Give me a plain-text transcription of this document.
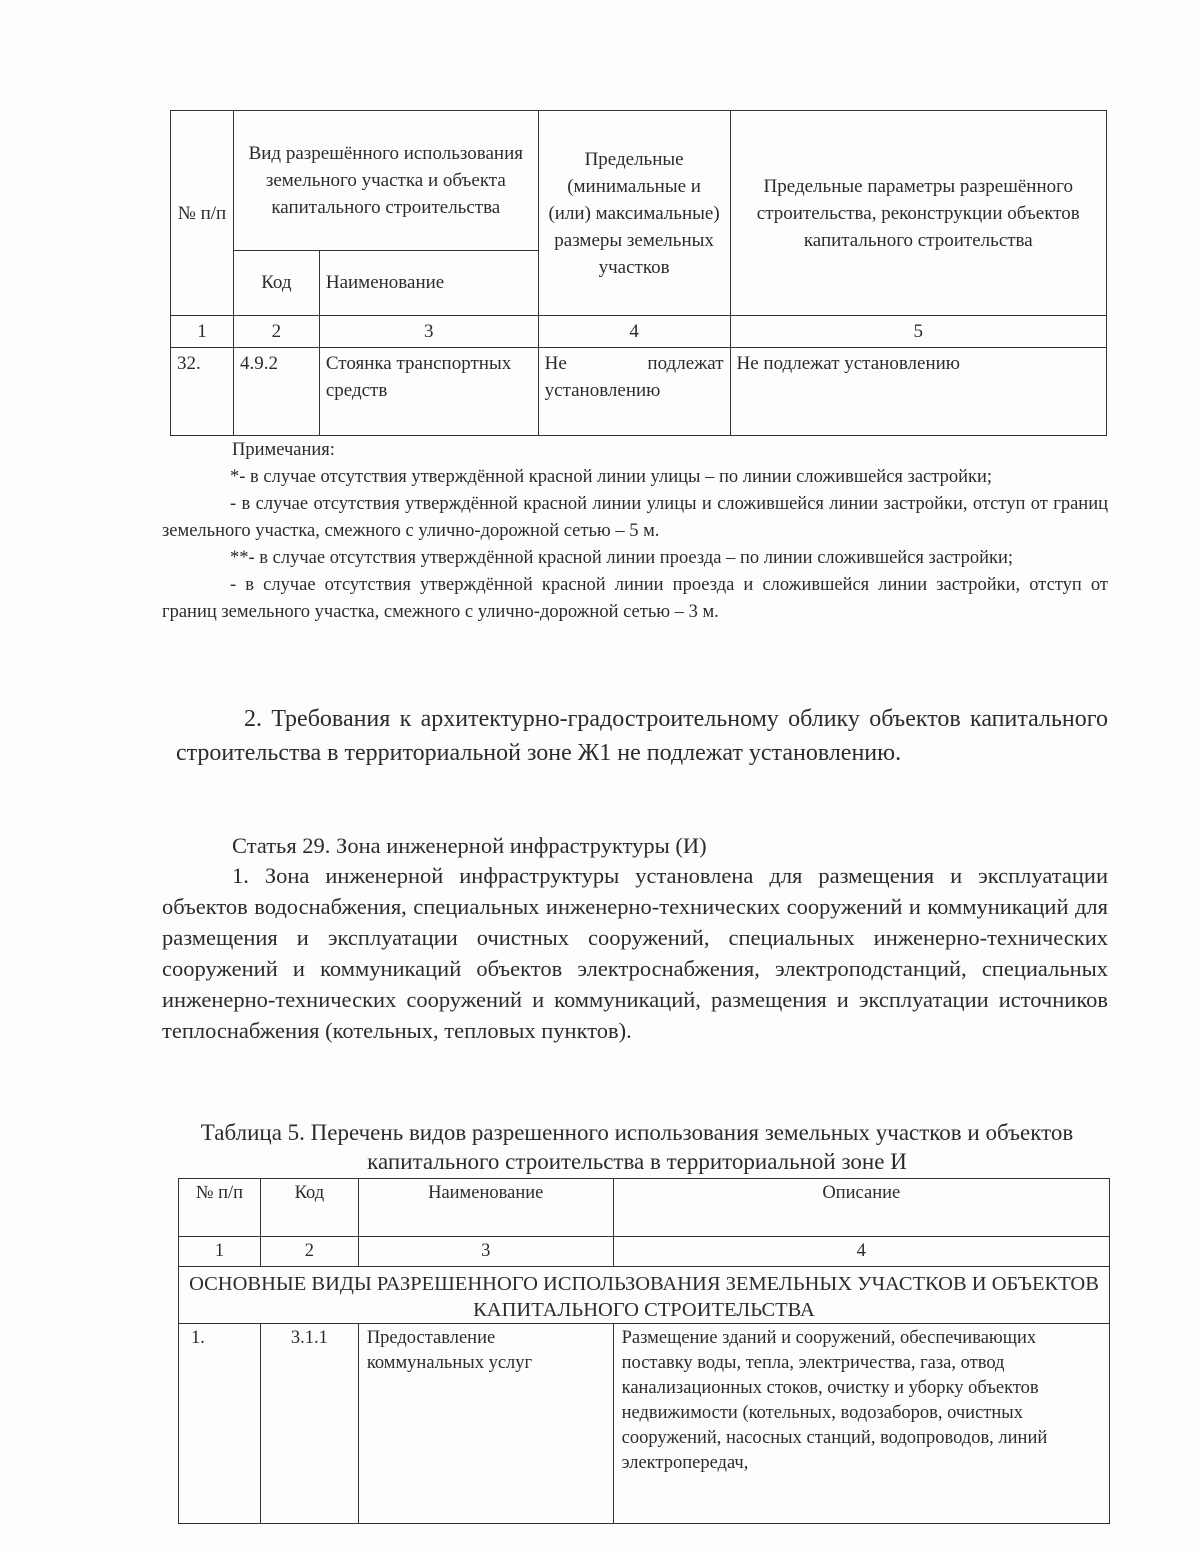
№ п/п	Вид разрешённого использования земельного участка и объекта капитального строительства		Предельные (минимальные и (или) максимальные) размеры земельных участков	Предельные параметры разрешённого строительства, реконструкции объектов капитального строительства
	Код	Наименование		
1	2	3	4	5
32.	4.9.2	Стоянка транспортных средств	Не подлежат установлению	Не подлежат установлению

Примечания:

*- в случае отсутствия утверждённой красной линии улицы – по линии сложившейся застройки;

- в случае отсутствия утверждённой красной линии улицы и сложившейся линии застройки, отступ от границ земельного участка, смежного с улично-дорожной сетью – 5 м.

**- в случае отсутствия утверждённой красной линии проезда – по линии сложившейся застройки;

- в случае отсутствия утверждённой красной линии проезда и сложившейся линии застройки, отступ от границ земельного участка, смежного с улично-дорожной сетью – 3 м.

2. Требования к архитектурно-градостроительному облику объектов капитального строительства в территориальной зоне Ж1 не подлежат установлению.

Статья 29. Зона инженерной инфраструктуры (И)

1. Зона инженерной инфраструктуры установлена для размещения и эксплуатации объектов водоснабжения, специальных инженерно-технических сооружений и коммуникаций для размещения и эксплуатации очистных сооружений, специальных инженерно-технических сооружений и коммуникаций объектов электроснабжения, электроподстанций, специальных инженерно-технических сооружений и коммуникаций, размещения и эксплуатации источников теплоснабжения (котельных, тепловых пунктов).

Таблица 5. Перечень видов разрешенного использования земельных участков и объектов капитального строительства в территориальной зоне И

№ п/п	Код	Наименование	Описание
1	2	3	4
ОСНОВНЫЕ ВИДЫ РАЗРЕШЕННОГО ИСПОЛЬЗОВАНИЯ ЗЕМЕЛЬНЫХ УЧАСТКОВ И ОБЪЕКТОВ КАПИТАЛЬНОГО СТРОИТЕЛЬСТВА			
1.	3.1.1	Предоставление коммунальных услуг	Размещение зданий и сооружений, обеспечивающих поставку воды, тепла, электричества, газа, отвод канализационных стоков, очистку и уборку объектов недвижимости (котельных, водозаборов, очистных сооружений, насосных станций, водопроводов, линий электропередач,
